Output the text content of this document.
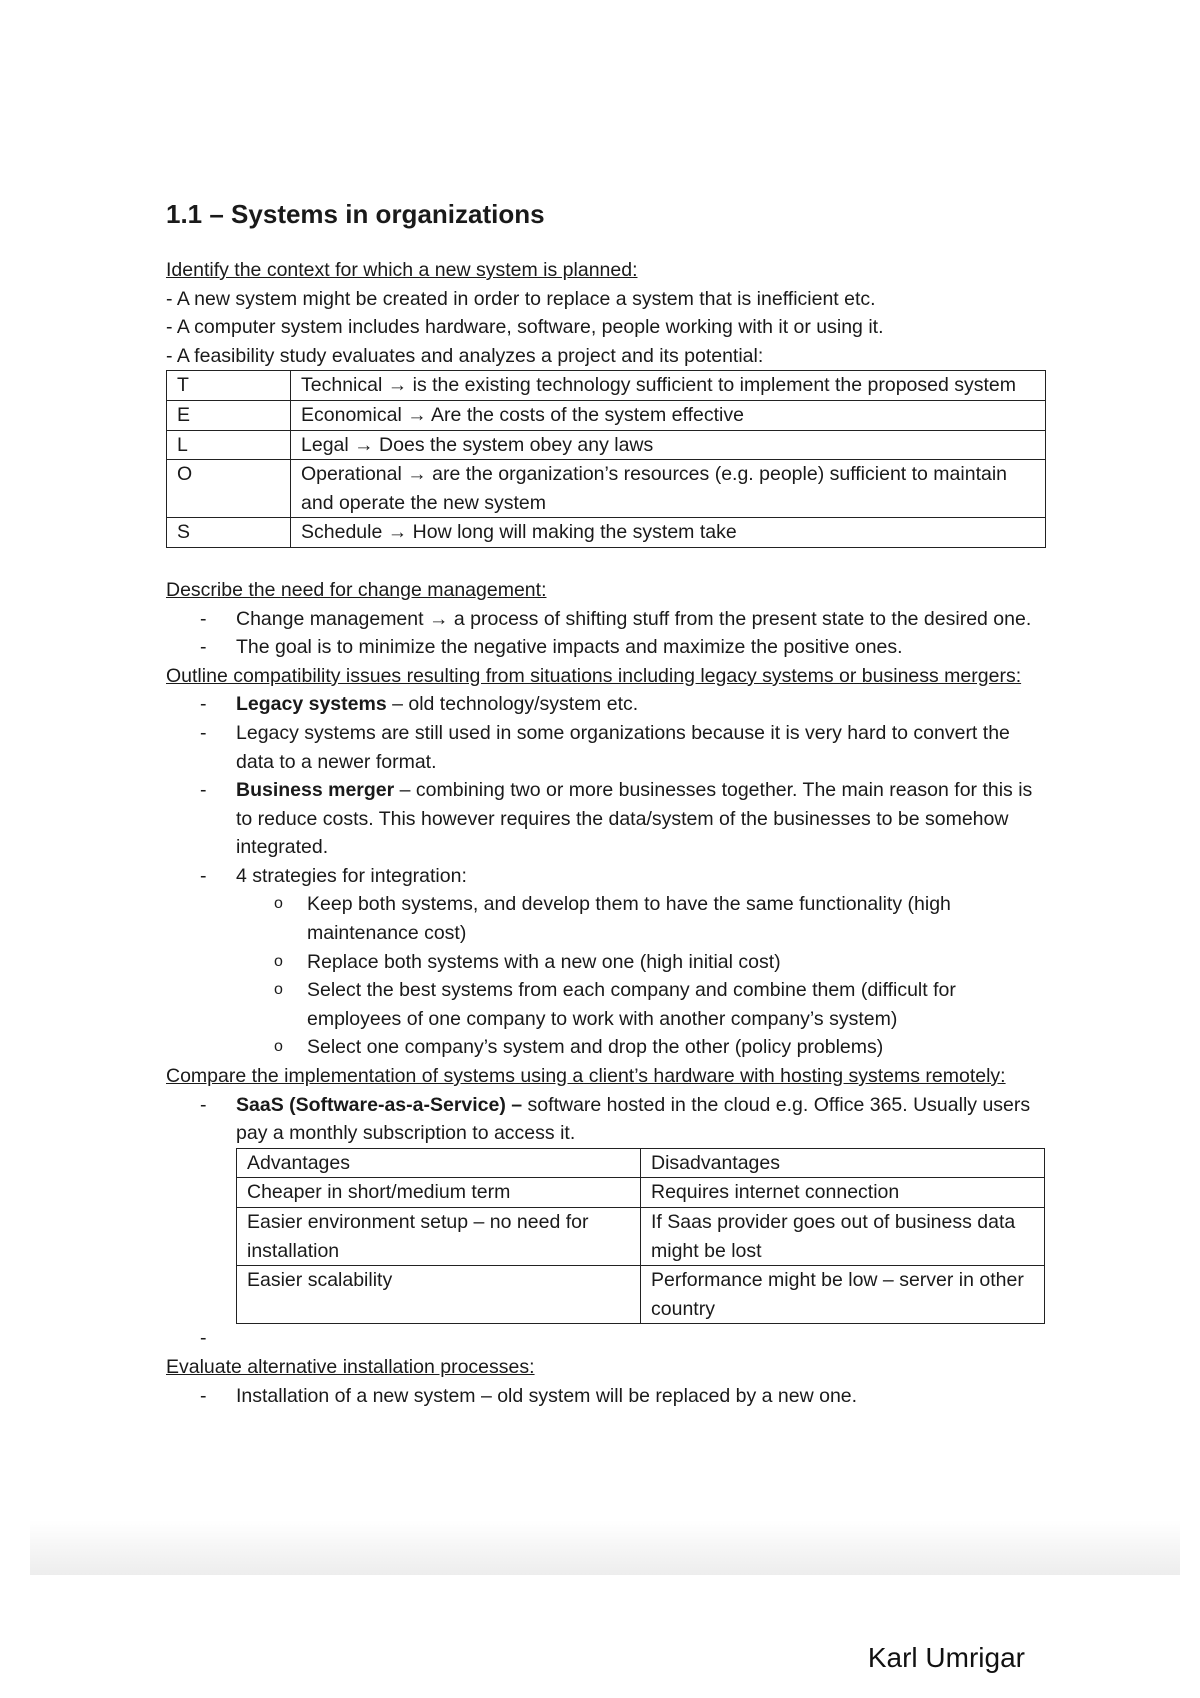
1.1 – Systems in organizations
Identify the context for which a new system is planned:
- A new system might be created in order to replace a system that is inefficient etc.
- A computer system includes hardware, software, people working with it or using it.
- A feasibility study evaluates and analyzes a project and its potential:
T	Technical → is the existing technology sufficient to implement the proposed system
E	Economical → Are the costs of the system effective
L	Legal → Does the system obey any laws
O	Operational → are the organization’s resources (e.g. people) sufficient to maintain and operate the new system
S	Schedule → How long will making the system take
Describe the need for change management:
- Change management → a process of shifting stuff from the present state to the desired one.
- The goal is to minimize the negative impacts and maximize the positive ones.
Outline compatibility issues resulting from situations including legacy systems or business mergers:
- Legacy systems – old technology/system etc.
- Legacy systems are still used in some organizations because it is very hard to convert the data to a newer format.
- Business merger – combining two or more businesses together. The main reason for this is to reduce costs. This however requires the data/system of the businesses to be somehow integrated.
- 4 strategies for integration:
o Keep both systems, and develop them to have the same functionality (high maintenance cost)
o Replace both systems with a new one (high initial cost)
o Select the best systems from each company and combine them (difficult for employees of one company to work with another company’s system)
o Select one company’s system and drop the other (policy problems)
Compare the implementation of systems using a client’s hardware with hosting systems remotely:
- SaaS (Software-as-a-Service) – software hosted in the cloud e.g. Office 365. Usually users pay a monthly subscription to access it.
Advantages	Disadvantages
Cheaper in short/medium term	Requires internet connection
Easier environment setup – no need for installation	If Saas provider goes out of business data might be lost
Easier scalability	Performance might be low – server in other country
-
Evaluate alternative installation processes:
- Installation of a new system – old system will be replaced by a new one.
Karl Umrigar
